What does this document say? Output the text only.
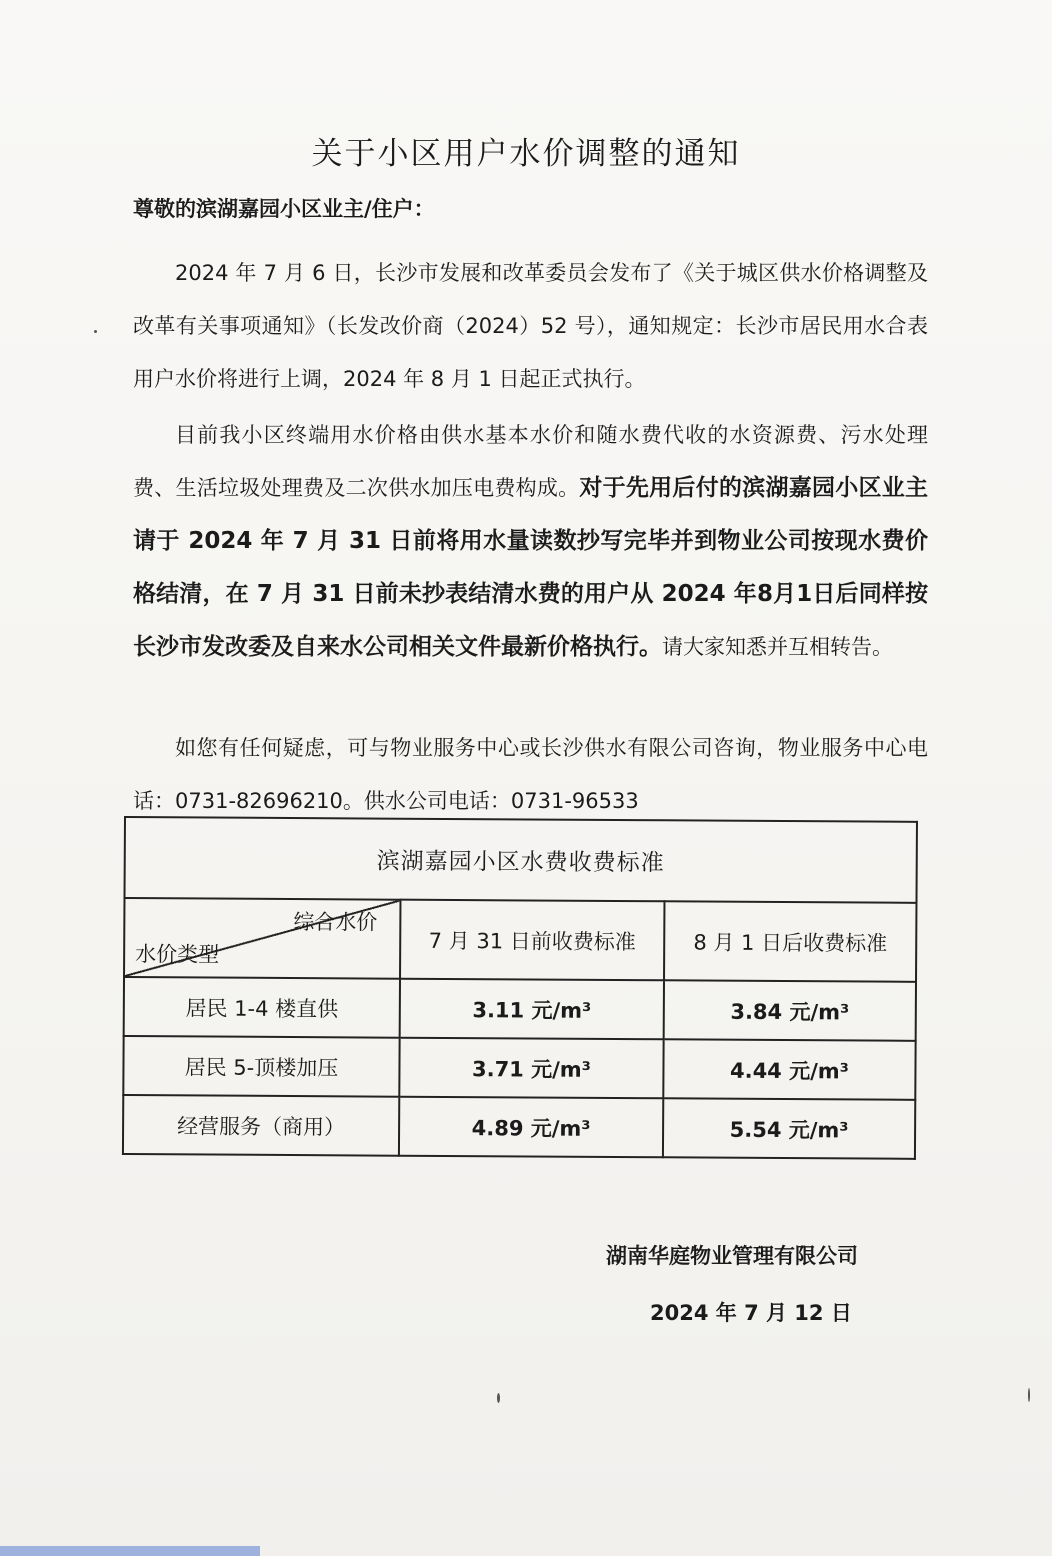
关于小区用户水价调整的通知
尊敬的滨湖嘉园小区业主/住户：

2024 年 7 月 6 日，长沙市发展和改革委员会发布了《关于城区供水价格调整及改革有关事项通知》（长发改价商（2024）52 号），通知规定：长沙市居民用水合表用户水价将进行上调，2024 年 8 月 1 日起正式执行。

目前我小区终端用水价格由供水基本水价和随水费代收的水资源费、污水处理费、生活垃圾处理费及二次供水加压电费构成。对于先用后付的滨湖嘉园小区业主请于 2024 年 7 月 31 日前将用水量读数抄写完毕并到物业公司按现水费价格结清，在 7 月 31 日前未抄表结清水费的用户从 2024 年8月1日后同样按长沙市发改委及自来水公司相关文件最新价格执行。请大家知悉并互相转告。

如您有任何疑虑，可与物业服务中心或长沙供水有限公司咨询，物业服务中心电话：0731-82696210。供水公司电话：0731-96533

滨湖嘉园小区水费收费标准		

综合水价
水价类型	7 月 31 日前收费标准	8 月 1 日后收费标准
居民 1-4 楼直供	3.11 元/m³	3.84 元/m³
居民 5-顶楼加压	3.71 元/m³	4.44 元/m³
经营服务（商用）	4.89 元/m³	5.54 元/m³
湖南华庭物业管理有限公司
2024 年 7 月 12 日
